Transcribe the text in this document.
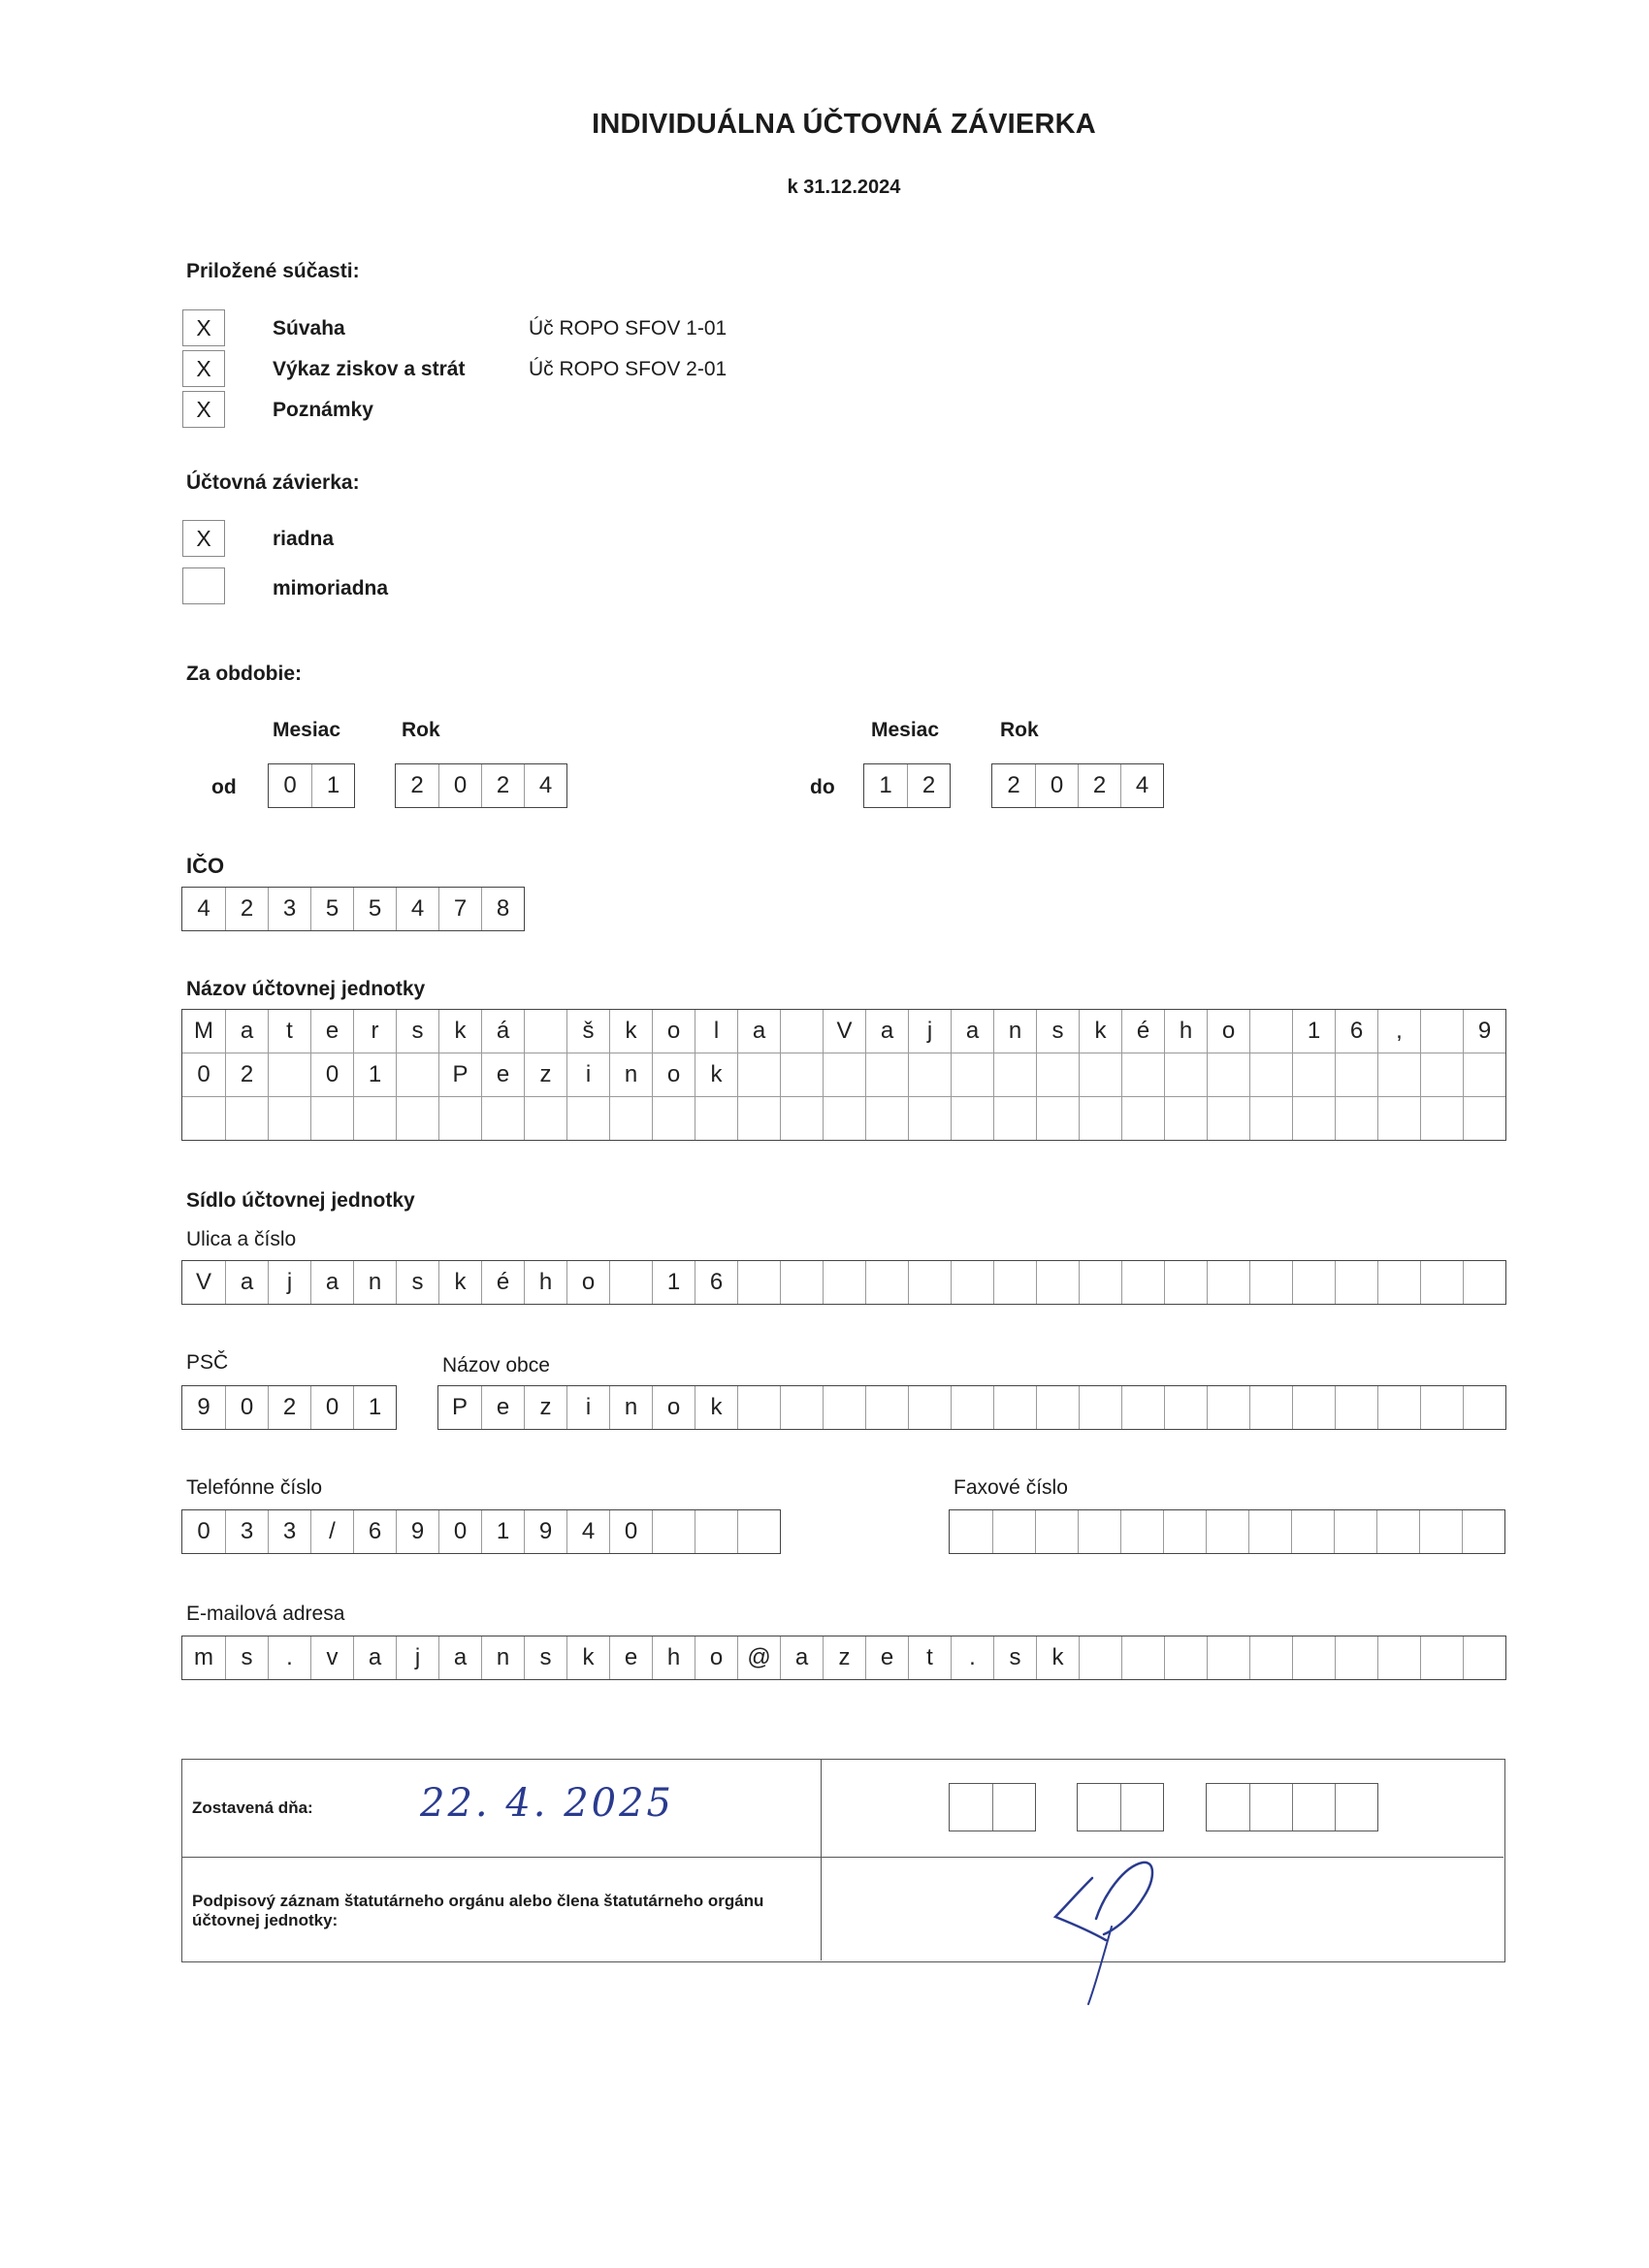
INDIVIDUÁLNA ÚČTOVNÁ ZÁVIERKA
k 31.12.2024
Priložené súčasti:
X	Súvaha	Úč ROPO SFOV 1-01
X	Výkaz ziskov a strát	Úč ROPO SFOV 2-01
X	Poznámky
Účtovná závierka:
X	riadna
mimoriadna
Za obdobie:
Mesiac	Rok	Mesiac	Rok
od	0	1	2	0	2	4	do	1	2	2	0	2	4
IČO
4	2	3	5	5	4	7	8
Názov účtovnej jednotky
M	a	t	e	r	s	k	á	š	k	o	l	a	V	a	j	a	n	s	k	é	h	o	1	6	,	9
0	2	0	1	P	e	z	i	n	o	k
Sídlo účtovnej jednotky
Ulica a číslo
V	a	j	a	n	s	k	é	h	o	1	6
PSČ
9	0	2	0	1
Názov obce
P	e	z	i	n	o	k
Telefónne číslo
0	3	3	/	6	9	0	1	9	4	0
Faxové číslo
E-mailová adresa
m	s	.	v	a	j	a	n	s	k	e	h	o	@	a	z	e	t	.	s	k
Zostavená dňa:	22. 4. 2025
Podpisový záznam štatutárneho orgánu alebo člena štatutárneho orgánu účtovnej jednotky:
